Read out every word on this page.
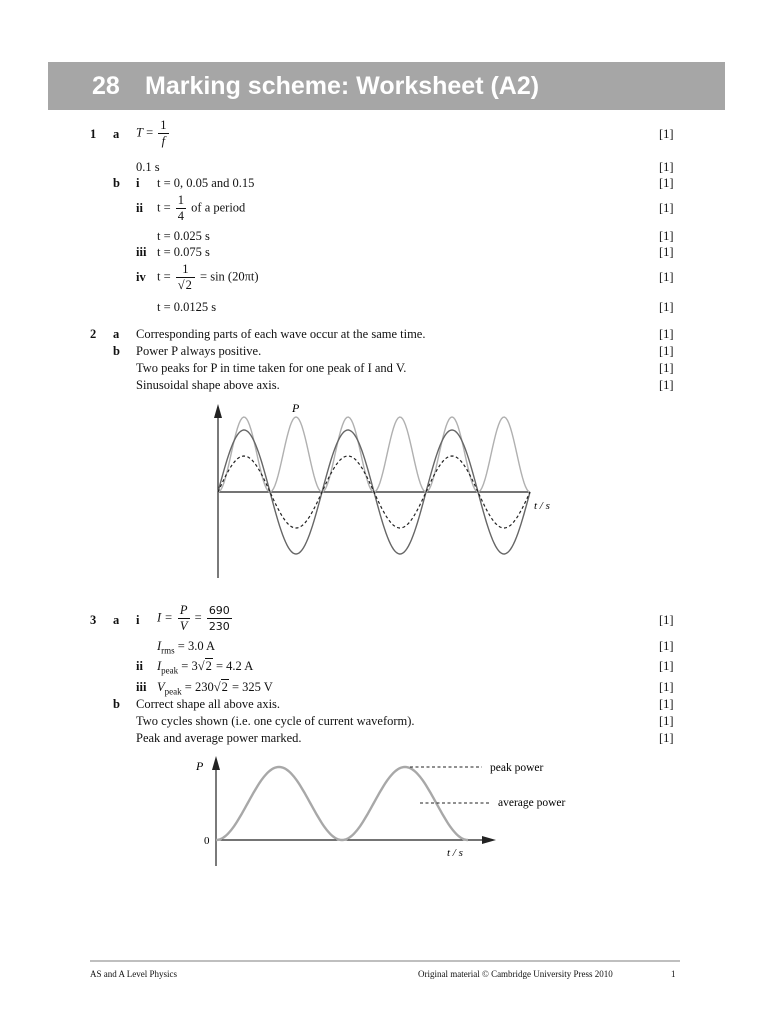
28 Marking scheme: Worksheet (A2)
1 a $T = \frac{1}{f}$	[1]
0.1 s	[1]
b i t = 0, 0.05 and 0.15	[1]
ii $t = \frac{1}{4}$ of a period	[1]
t = 0.025 s	[1]
iii t = 0.075 s	[1]
iv $t = \frac{1}{√2} = \sin (20\pi t)$	[1]
t = 0.0125 s	[1]
2 a Corresponding parts of each wave occur at the same time.	[1]
b Power P always positive.	[1]
Two peaks for P in time taken for one peak of I and V.	[1]
Sinusoidal shape above axis.	[1]
P
t / s
3 a i $I = \frac{P}{V} = \frac{690}{230}$	[1]
$I_{rms} = 3.0$ A	[1]
ii $I_{peak} = 3√2 = 4.2$ A	[1]
iii $V_{peak} = 230√2 = 325$ V	[1]
b Correct shape all above axis.	[1]
Two cycles shown (i.e. one cycle of current waveform).	[1]
Peak and average power marked.	[1]
P
0
t / s
peak power
average power
AS and A Level Physics	Original material © Cambridge University Press 2010	1
